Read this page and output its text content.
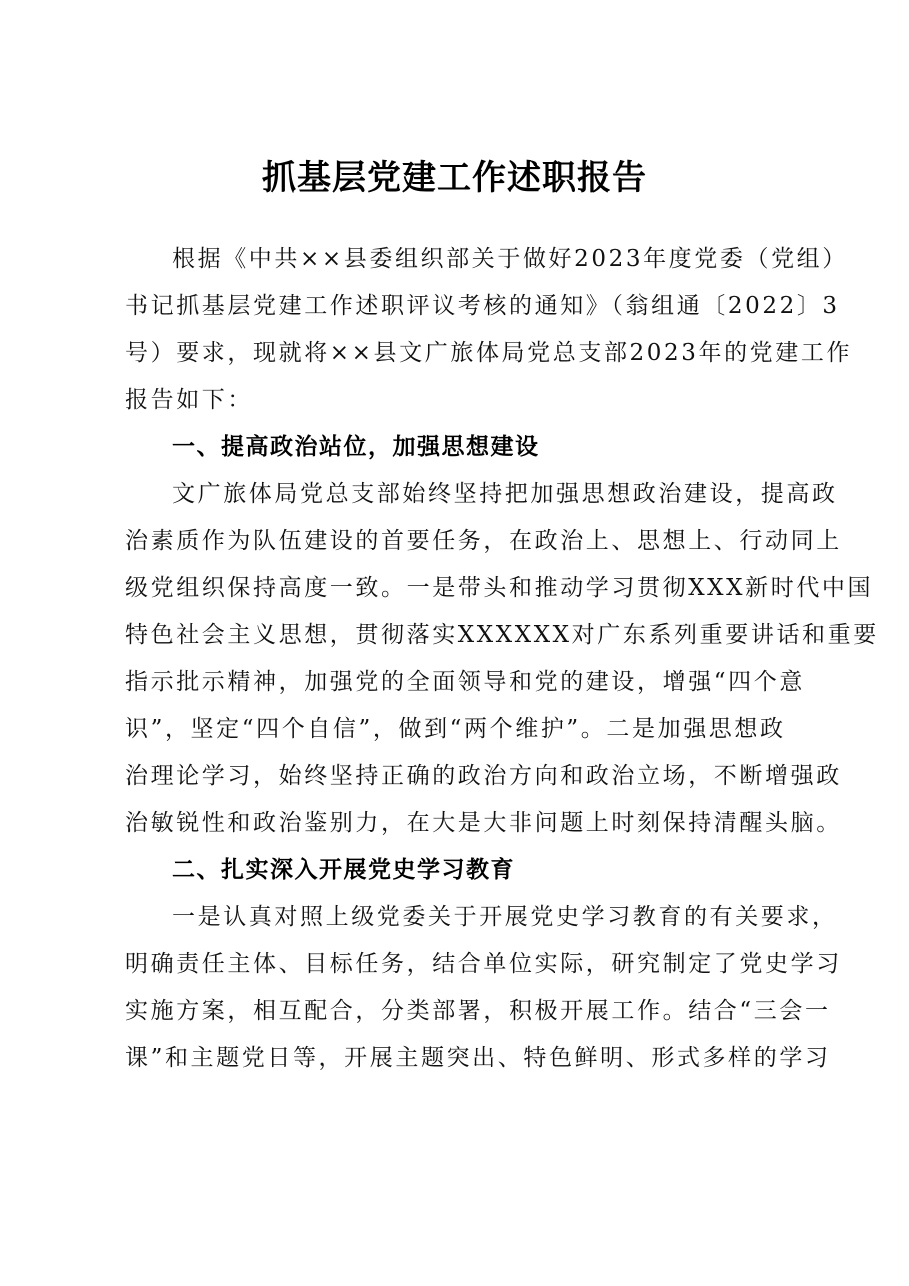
抓基层党建工作述职报告
根据《中共××县委组织部关于做好2023年度党委（党组）
书记抓基层党建工作述职评议考核的通知》（翁组通〔2022〕3
号）要求，现就将××县文广旅体局党总支部2023年的党建工作
报告如下：
一、提高政治站位，加强思想建设
文广旅体局党总支部始终坚持把加强思想政治建设，提高政
治素质作为队伍建设的首要任务，在政治上、思想上、行动同上
级党组织保持高度一致。一是带头和推动学习贯彻XXX新时代中国
特色社会主义思想，贯彻落实XXXXXX对广东系列重要讲话和重要
指示批示精神，加强党的全面领导和党的建设，增强“四个意
识”，坚定“四个自信”，做到“两个维护”。二是加强思想政
治理论学习，始终坚持正确的政治方向和政治立场，不断增强政
治敏锐性和政治鉴别力，在大是大非问题上时刻保持清醒头脑。
二、扎实深入开展党史学习教育
一是认真对照上级党委关于开展党史学习教育的有关要求，
明确责任主体、目标任务，结合单位实际，研究制定了党史学习
实施方案，相互配合，分类部署，积极开展工作。结合“三会一
课”和主题党日等，开展主题突出、特色鲜明、形式多样的学习
